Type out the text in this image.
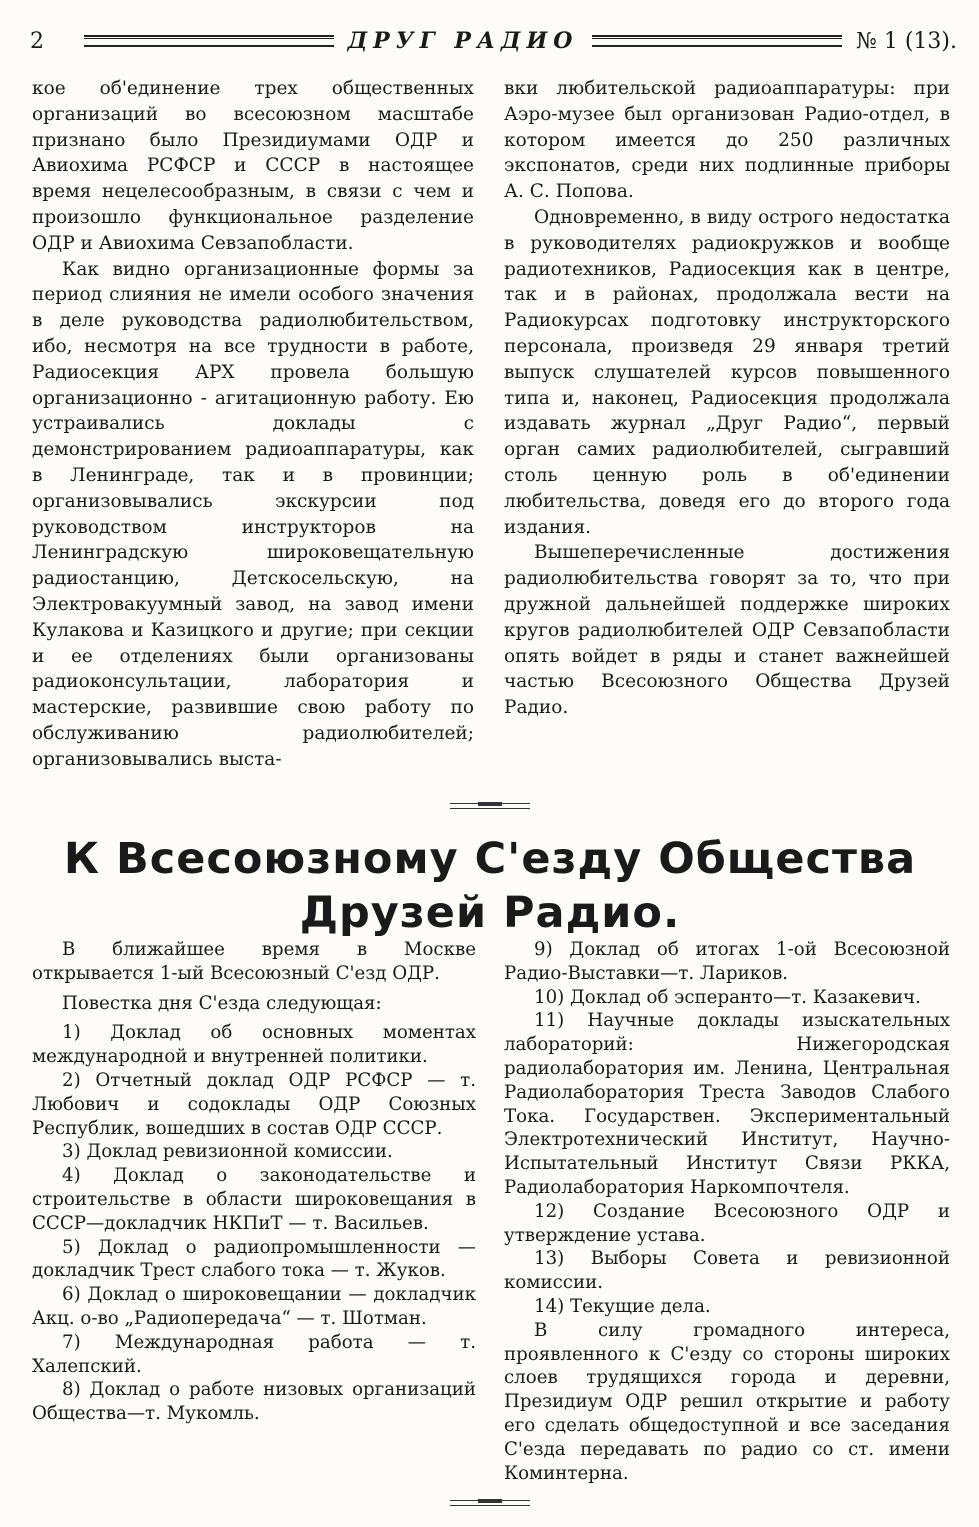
2	ДРУГ РАДИО	№ 1 (13).

кое об'единение трех общественных организаций во всесоюзном масштабе признано было Президиумами ОДР и Авиохима РСФСР и СССР в настоящее время нецелесообразным, в связи с чем и произошло функциональное разделение ОДР и Авиохима Севзапобласти.

Как видно организационные формы за период слияния не имели особого значения в деле руководства радиолюбительством, ибо, несмотря на все трудности в работе, Радиосекция АРХ провела большую организационно - агитационную работу. Ею устраивались доклады с демонстрированием радиоаппаратуры, как в Ленинграде, так и в провинции; организовывались экскурсии под руководством инструкторов на Ленинградскую широковещательную радиостанцию, Детскосельскую, на Электровакуумный завод, на завод имени Кулакова и Казицкого и другие; при секции и ее отделениях были организованы радиоконсультации, лаборатория и мастерские, развившие свою работу по обслуживанию радиолюбителей; организовывались выста-

вки любительской радиоаппаратуры: при Аэро-музее был организован Радио-отдел, в котором имеется до 250 различных экспонатов, среди них подлинные приборы А. С. Попова.

Одновременно, в виду острого недостатка в руководителях радиокружков и вообще радиотехников, Радиосекция как в центре, так и в районах, продолжала вести на Радиокурсах подготовку инструкторского персонала, произведя 29 января третий выпуск слушателей курсов повышенного типа и, наконец, Радиосекция продолжала издавать журнал „Друг Радио“, первый орган самих радиолюбителей, сыгравший столь ценную роль в об'единении любительства, доведя его до второго года издания.

Вышеперечисленные достижения радиолюбительства говорят за то, что при дружной дальнейшей поддержке широких кругов радиолюбителей ОДР Севзапобласти опять войдет в ряды и станет важнейшей частью Всесоюзного Общества Друзей Радио.

К Всесоюзному С'езду Общества
Друзей Радио.

В ближайшее время в Москве открывается 1-ый Всесоюзный С'езд ОДР.

Повестка дня С'езда следующая:

1) Доклад об основных моментах международной и внутренней политики.

2) Отчетный доклад ОДР РСФСР — т. Любович и содоклады ОДР Союзных Республик, вошедших в состав ОДР СССР.

3) Доклад ревизионной комиссии.

4) Доклад о законодательстве и строительстве в области широковещания в СССР—докладчик НКПиТ — т. Васильев.

5) Доклад о радиопромышленности — докладчик Трест слабого тока — т. Жуков.

6) Доклад о широковещании — докладчик Акц. о-во „Радиопередача“ — т. Шотман.

7) Международная работа — т. Халепский.

8) Доклад о работе низовых организаций Общества—т. Мукомль.

9) Доклад об итогах 1-ой Всесоюзной Радио-Выставки—т. Лариков.

10) Доклад об эсперанто—т. Казакевич.

11) Научные доклады изыскательных лабораторий: Нижегородская радиолаборатория им. Ленина, Центральная Радиолаборатория Треста Заводов Слабого Тока. Государствен. Экспериментальный Электротехнический Институт, Научно-Испытательный Институт Связи РККА, Радиолаборатория Наркомпочтеля.

12) Создание Всесоюзного ОДР и утверждение устава.

13) Выборы Совета и ревизионной комиссии.

14) Текущие дела.

В силу громадного интереса, проявленного к С'езду со стороны широких слоев трудящихся города и деревни, Президиум ОДР решил открытие и работу его сделать общедоступной и все заседания С'езда передавать по радио со ст. имени Коминтерна.
